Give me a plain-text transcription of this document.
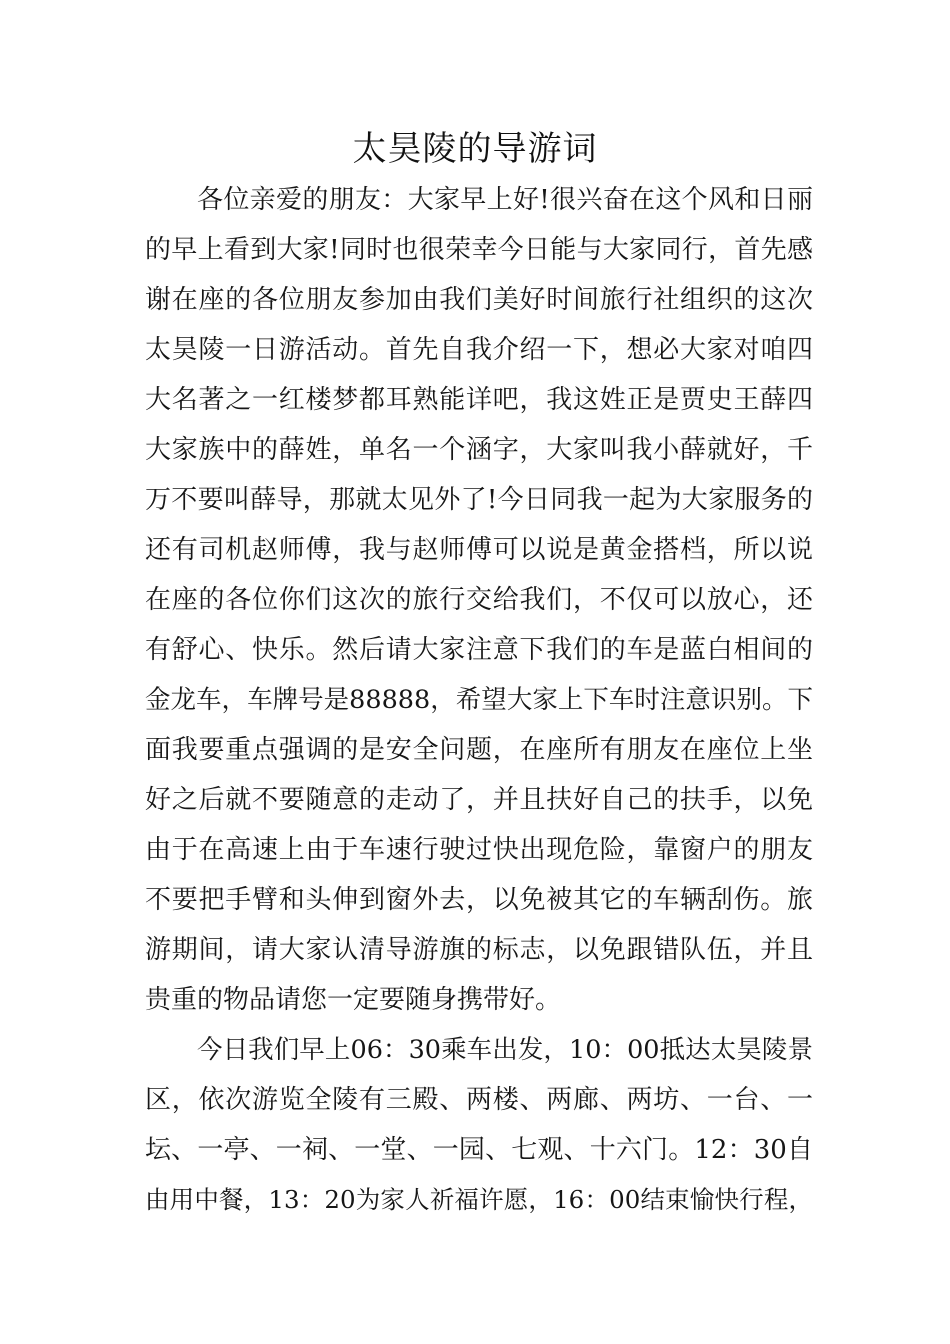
太昊陵的导游词
各位亲爱的朋友：大家早上好!很兴奋在这个风和日丽
的早上看到大家!同时也很荣幸今日能与大家同行，首先感
谢在座的各位朋友参加由我们美好时间旅行社组织的这次
太昊陵一日游活动。首先自我介绍一下，想必大家对咱四
大名著之一红楼梦都耳熟能详吧，我这姓正是贾史王薛四
大家族中的薛姓，单名一个涵字，大家叫我小薛就好，千
万不要叫薛导，那就太见外了!今日同我一起为大家服务的
还有司机赵师傅，我与赵师傅可以说是黄金搭档，所以说
在座的各位你们这次的旅行交给我们，不仅可以放心，还
有舒心、快乐。然后请大家注意下我们的车是蓝白相间的
金龙车，车牌号是88888，希望大家上下车时注意识别。下
面我要重点强调的是安全问题，在座所有朋友在座位上坐
好之后就不要随意的走动了，并且扶好自己的扶手，以免
由于在高速上由于车速行驶过快出现危险，靠窗户的朋友
不要把手臂和头伸到窗外去，以免被其它的车辆刮伤。旅
游期间，请大家认清导游旗的标志，以免跟错队伍，并且
贵重的物品请您一定要随身携带好。
今日我们早上06：30乘车出发，10：00抵达太昊陵景
区，依次游览全陵有三殿、两楼、两廊、两坊、一台、一
坛、一亭、一祠、一堂、一园、七观、十六门。12：30自
由用中餐，13：20为家人祈福许愿，16：00结束愉快行程，
